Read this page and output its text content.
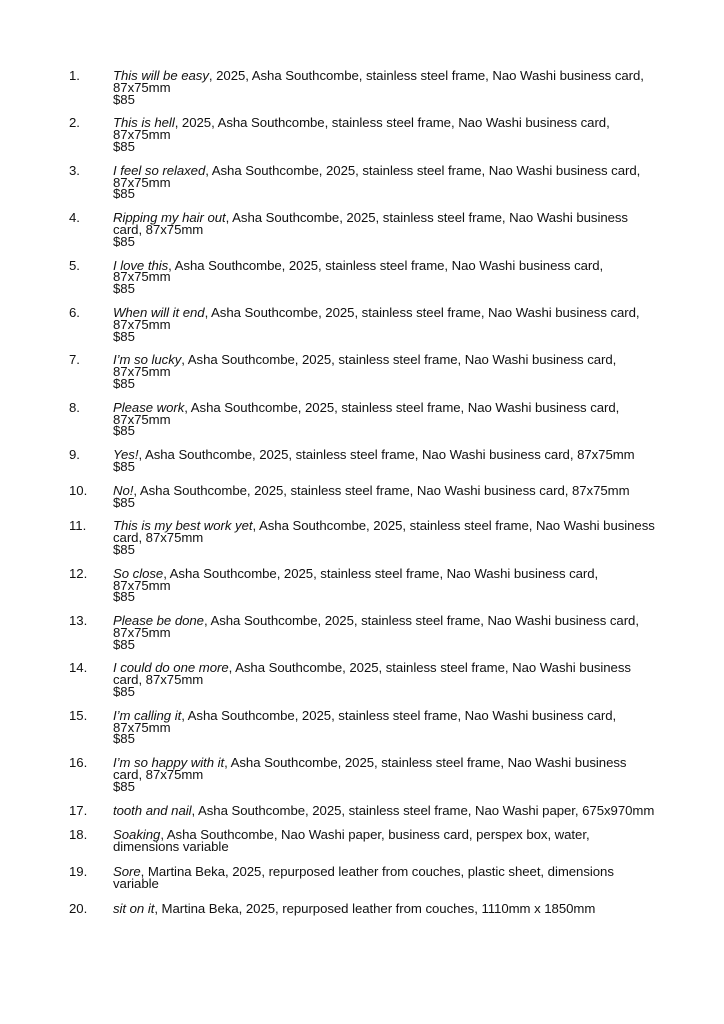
1.	This will be easy, 2025, Asha Southcombe, stainless steel frame, Nao Washi business card, 87x75mm
$85
2.	This is hell, 2025, Asha Southcombe, stainless steel frame, Nao Washi business card, 87x75mm
$85
3.	I feel so relaxed, Asha Southcombe, 2025, stainless steel frame, Nao Washi business card, 87x75mm
$85
4.	Ripping my hair out, Asha Southcombe, 2025, stainless steel frame, Nao Washi business card, 87x75mm
$85
5.	I love this, Asha Southcombe, 2025, stainless steel frame, Nao Washi business card, 87x75mm
$85
6.	When will it end, Asha Southcombe, 2025, stainless steel frame, Nao Washi business card, 87x75mm
$85
7.	I’m so lucky, Asha Southcombe, 2025, stainless steel frame, Nao Washi business card, 87x75mm
$85
8.	Please work, Asha Southcombe, 2025, stainless steel frame, Nao Washi business card, 87x75mm
$85
9.	Yes!, Asha Southcombe, 2025, stainless steel frame, Nao Washi business card, 87x75mm
$85
10.	No!, Asha Southcombe, 2025, stainless steel frame, Nao Washi business card, 87x75mm
$85
11.	This is my best work yet, Asha Southcombe, 2025, stainless steel frame, Nao Washi business card, 87x75mm
$85
12.	So close, Asha Southcombe, 2025, stainless steel frame, Nao Washi business card, 87x75mm
$85
13.	Please be done, Asha Southcombe, 2025, stainless steel frame, Nao Washi business card, 87x75mm
$85
14.	I could do one more, Asha Southcombe, 2025, stainless steel frame, Nao Washi business card, 87x75mm
$85
15.	I’m calling it, Asha Southcombe, 2025, stainless steel frame, Nao Washi business card, 87x75mm
$85
16.	I’m so happy with it, Asha Southcombe, 2025, stainless steel frame, Nao Washi business card, 87x75mm
$85
17.	tooth and nail, Asha Southcombe, 2025, stainless steel frame, Nao Washi paper, 675x970mm
18.	Soaking, Asha Southcombe, Nao Washi paper, business card, perspex box, water, dimensions variable
19.	Sore, Martina Beka, 2025, repurposed leather from couches, plastic sheet, dimensions variable
20.	sit on it, Martina Beka, 2025, repurposed leather from couches, 1110mm x 1850mm
